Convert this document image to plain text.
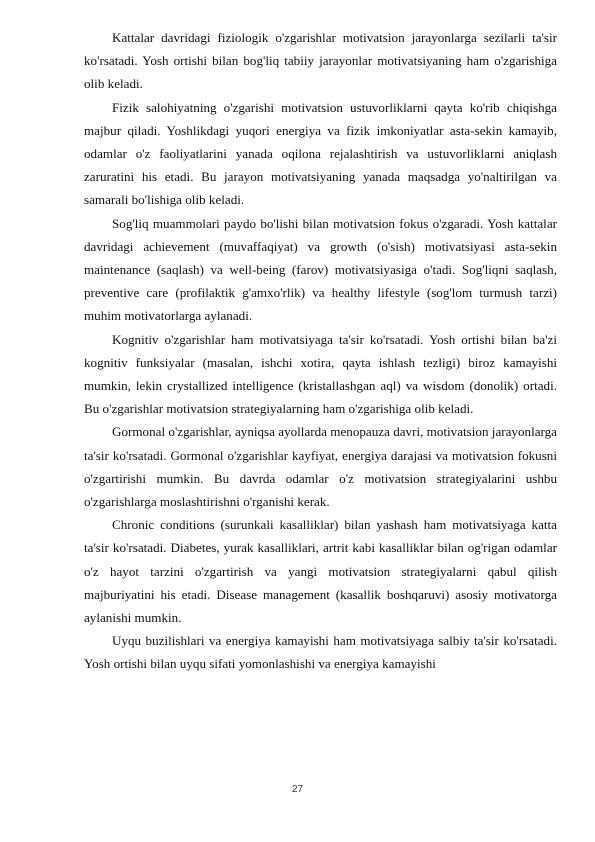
Kattalar davridagi fiziologik o'zgarishlar motivatsion jarayonlarga sezilarli ta'sir ko'rsatadi. Yosh ortishi bilan bog'liq tabiiy jarayonlar motivatsiyaning ham o'zgarishiga olib keladi.

Fizik salohiyatning o'zgarishi motivatsion ustuvorliklarni qayta ko'rib chiqishga majbur qiladi. Yoshlikdagi yuqori energiya va fizik imkoniyatlar asta-sekin kamayib, odamlar o'z faoliyatlarini yanada oqilona rejalashtirish va ustuvorliklarni aniqlash zaruratini his etadi. Bu jarayon motivatsiyaning yanada maqsadga yo'naltirilgan va samarali bo'lishiga olib keladi.

Sog'liq muammolari paydo bo'lishi bilan motivatsion fokus o'zgaradi. Yosh kattalar davridagi achievement (muvaffaqiyat) va growth (o'sish) motivatsiyasi asta-sekin maintenance (saqlash) va well-being (farov) motivatsiyasiga o'tadi. Sog'liqni saqlash, preventive care (profilaktik g'amxo'rlik) va healthy lifestyle (sog'lom turmush tarzi) muhim motivatorlarga aylanadi.

Kognitiv o'zgarishlar ham motivatsiyaga ta'sir ko'rsatadi. Yosh ortishi bilan ba'zi kognitiv funksiyalar (masalan, ishchi xotira, qayta ishlash tezligi) biroz kamayishi mumkin, lekin crystallized intelligence (kristallashgan aql) va wisdom (donolik) ortadi. Bu o'zgarishlar motivatsion strategiyalarning ham o'zgarishiga olib keladi.

Gormonal o'zgarishlar, ayniqsa ayollarda menopauza davri, motivatsion jarayonlarga ta'sir ko'rsatadi. Gormonal o'zgarishlar kayfiyat, energiya darajasi va motivatsion fokusni o'zgartirishi mumkin. Bu davrda odamlar o'z motivatsion strategiyalarini ushbu o'zgarishlarga moslashtirishni o'rganishi kerak.

Chronic conditions (surunkali kasalliklar) bilan yashash ham motivatsiyaga katta ta'sir ko'rsatadi. Diabetes, yurak kasalliklari, artrit kabi kasalliklar bilan og'rigan odamlar o'z hayot tarzini o'zgartirish va yangi motivatsion strategiyalarni qabul qilish majburiyatini his etadi. Disease management (kasallik boshqaruvi) asosiy motivatorga aylanishi mumkin.

Uyqu buzilishlari va energiya kamayishi ham motivatsiyaga salbiy ta'sir ko'rsatadi. Yosh ortishi bilan uyqu sifati yomonlashishi va energiya kamayishi

27
